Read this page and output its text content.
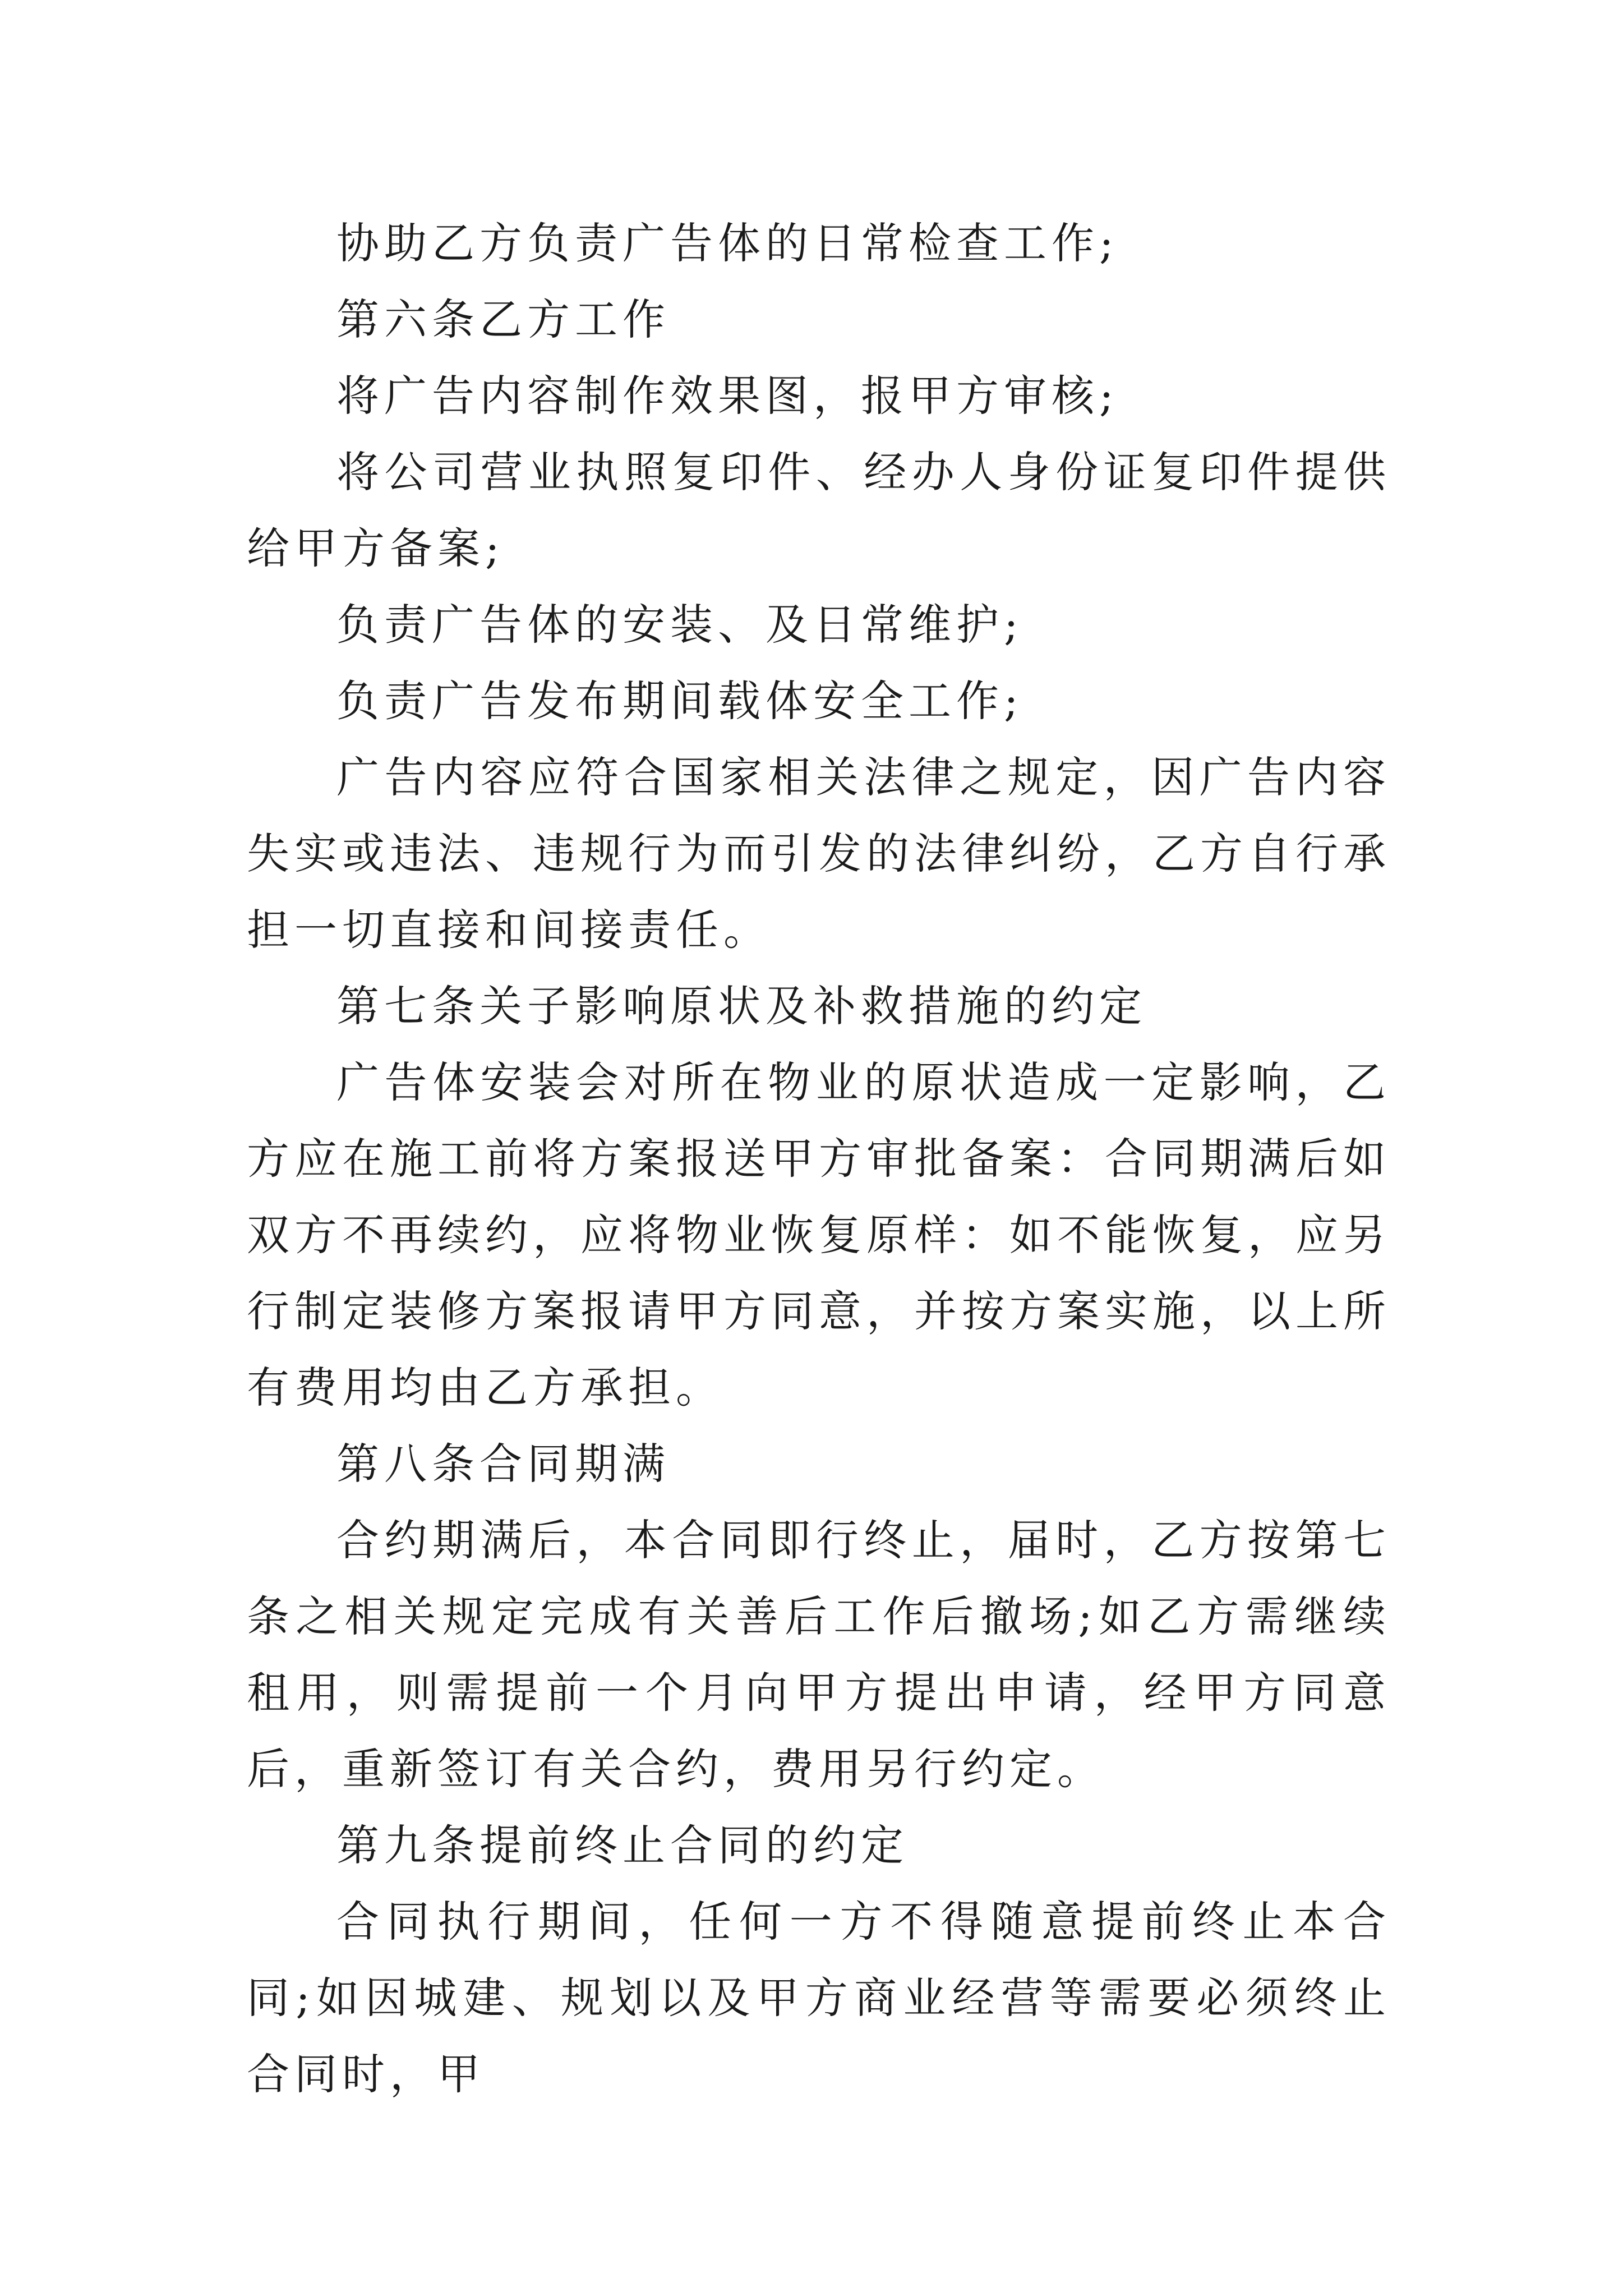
协助乙方负责广告体的日常检查工作;

第六条乙方工作

将广告内容制作效果图，报甲方审核;

将公司营业执照复印件、经办人身份证复印件提供给甲方备案;

负责广告体的安装、及日常维护;

负责广告发布期间载体安全工作;

广告内容应符合国家相关法律之规定，因广告内容失实或违法、违规行为而引发的法律纠纷，乙方自行承担一切直接和间接责任。

第七条关子影响原状及补救措施的约定

广告体安装会对所在物业的原状造成一定影响，乙方应在施工前将方案报送甲方审批备案：合同期满后如双方不再续约，应将物业恢复原样：如不能恢复，应另行制定装修方案报请甲方同意，并按方案实施，以上所有费用均由乙方承担。

第八条合同期满

合约期满后，本合同即行终止，届时，乙方按第七条之相关规定完成有关善后工作后撤场;如乙方需继续租用，则需提前一个月向甲方提出申请，经甲方同意后，重新签订有关合约，费用另行约定。

第九条提前终止合同的约定

合同执行期间，任何一方不得随意提前终止本合同;如因城建、规划以及甲方商业经营等需要必须终止合同时，甲
